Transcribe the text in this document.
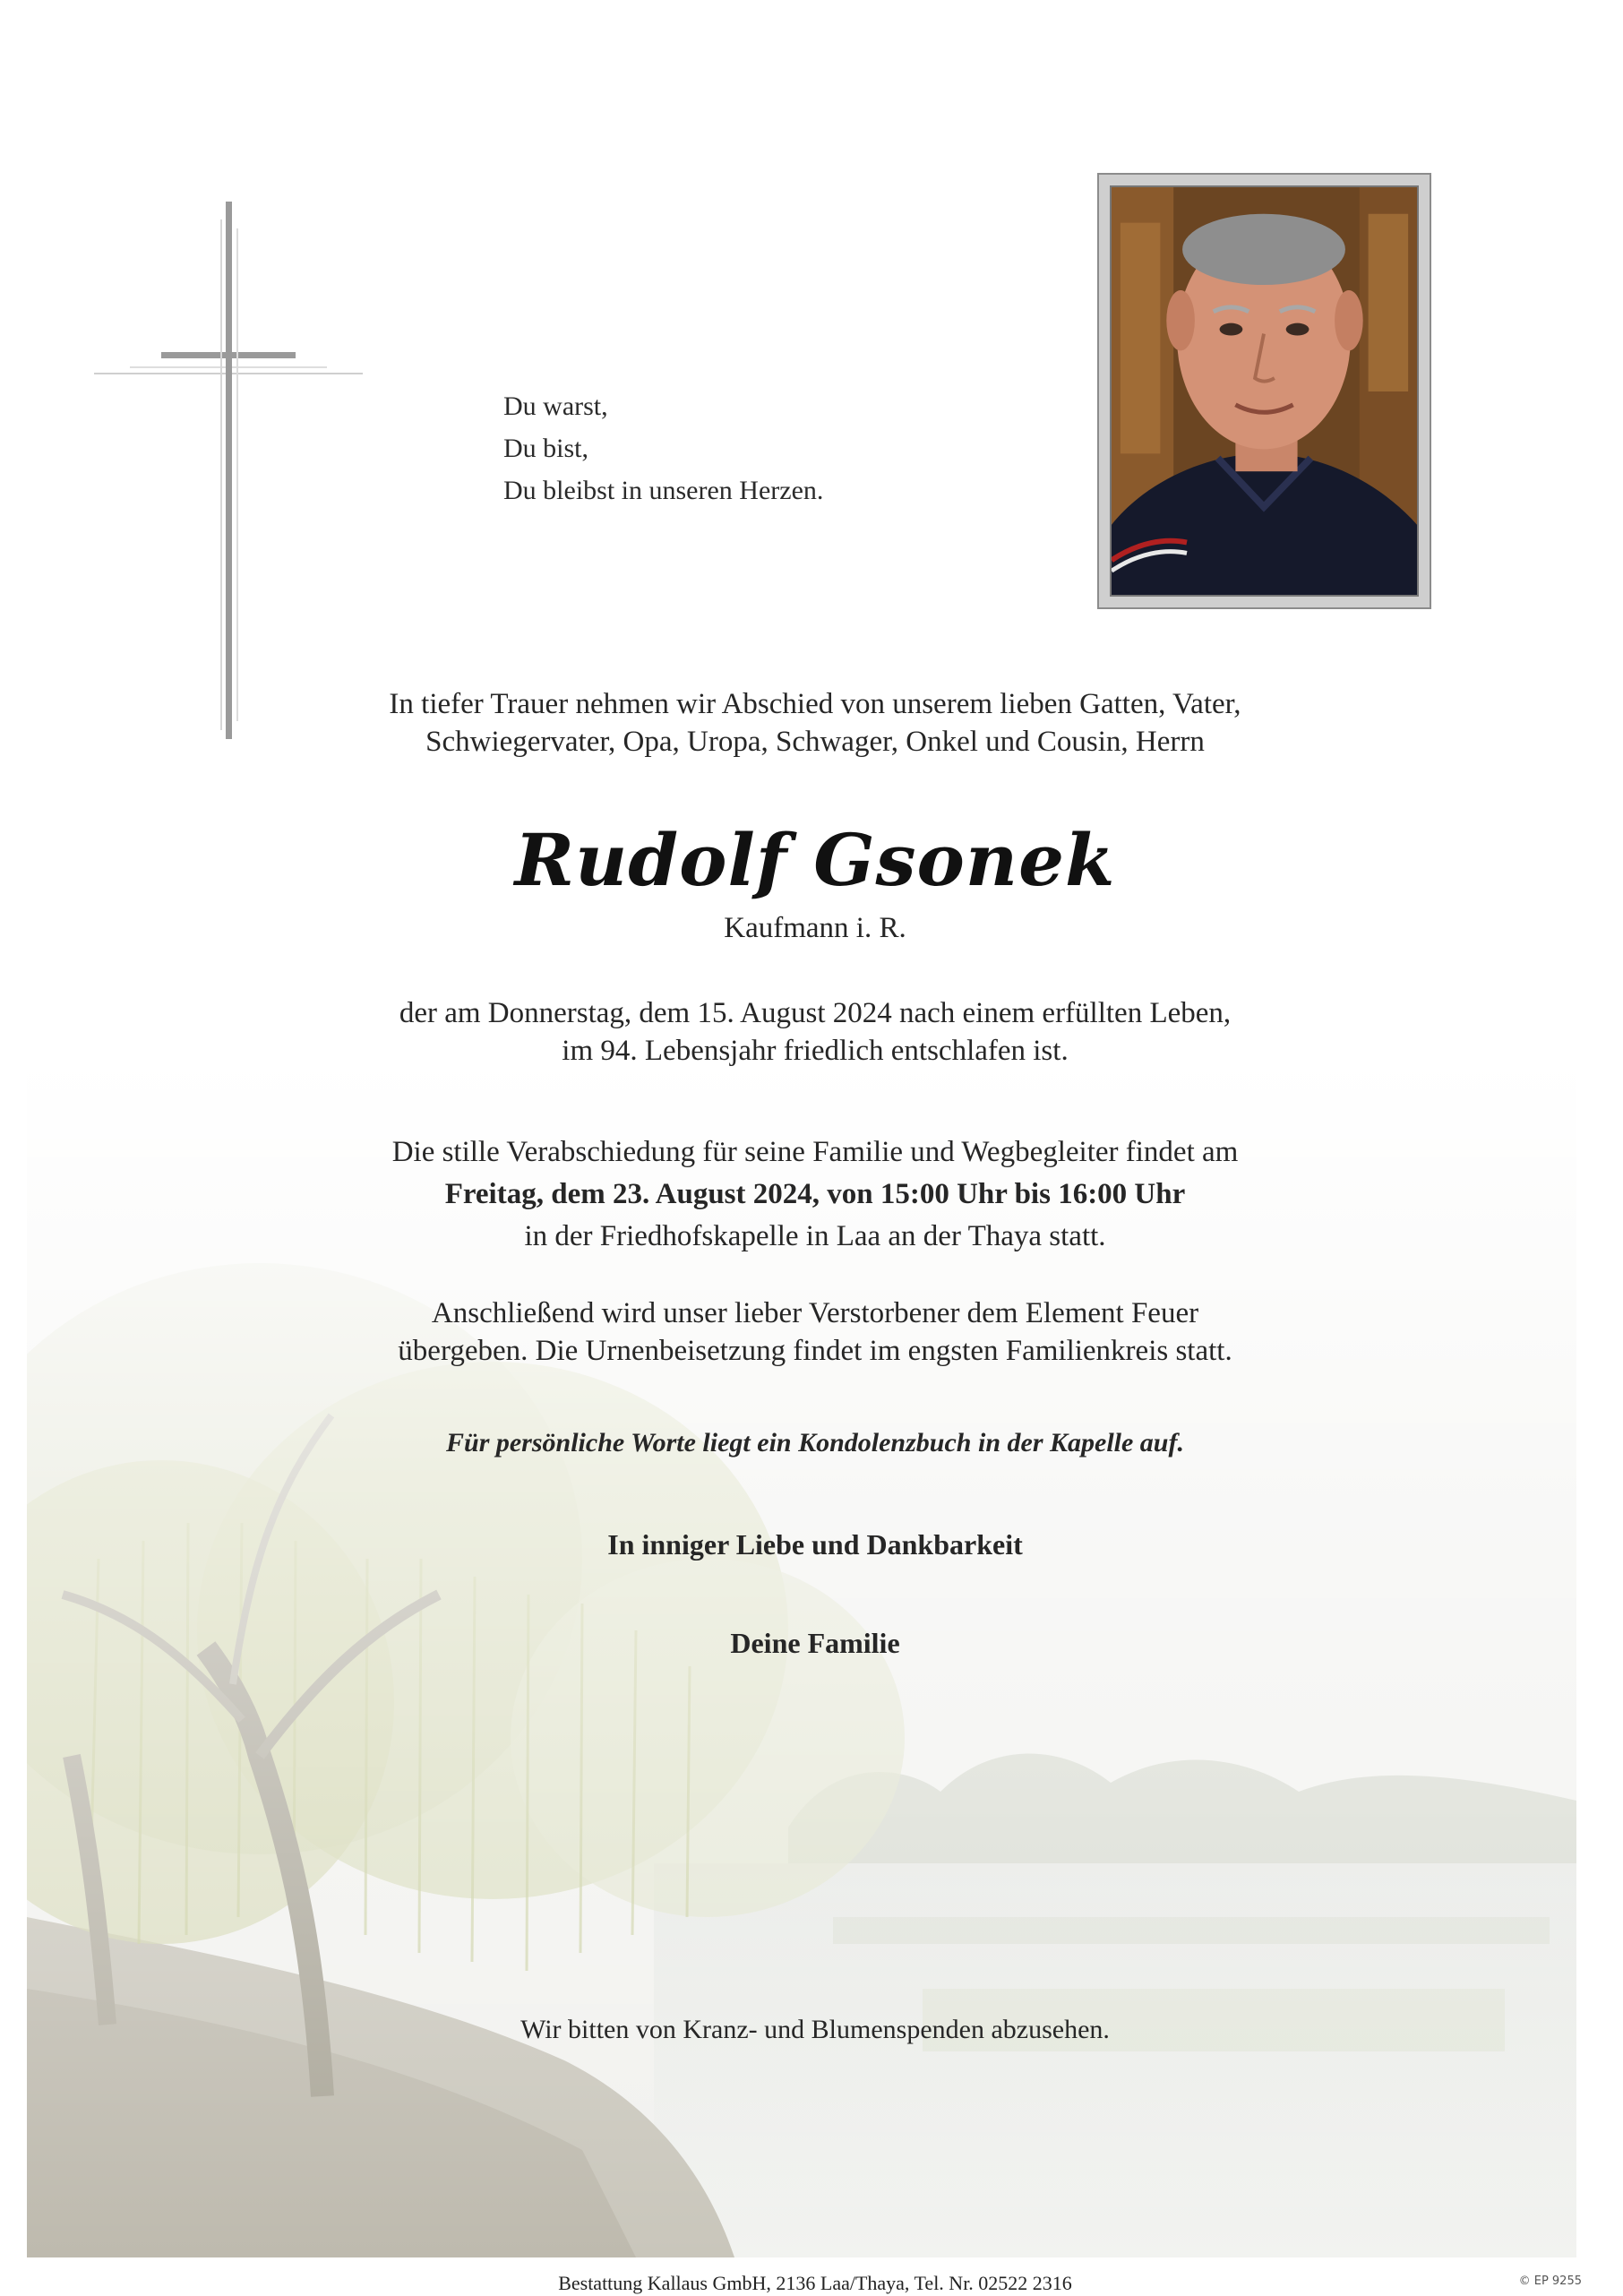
Du warst,
Du bist,
Du bleibst in unseren Herzen.
In tiefer Trauer nehmen wir Abschied von unserem lieben Gatten, Vater,
Schwiegervater, Opa, Uropa, Schwager, Onkel und Cousin, Herrn
Rudolf Gsonek
Kaufmann i. R.
der am Donnerstag, dem 15. August 2024 nach einem erfüllten Leben,
im 94. Lebensjahr friedlich entschlafen ist.
Die stille Verabschiedung für seine Familie und Wegbegleiter findet am
Freitag, dem 23. August 2024, von 15:00 Uhr bis 16:00 Uhr
in der Friedhofskapelle in Laa an der Thaya statt.
Anschließend wird unser lieber Verstorbener dem Element Feuer
übergeben. Die Urnenbeisetzung findet im engsten Familienkreis statt.
Für persönliche Worte liegt ein Kondolenzbuch in der Kapelle auf.
In inniger Liebe und Dankbarkeit
Deine Familie
Wir bitten von Kranz- und Blumenspenden abzusehen.
Bestattung Kallaus GmbH, 2136 Laa/Thaya, Tel. Nr. 02522 2316	© EP 9255
